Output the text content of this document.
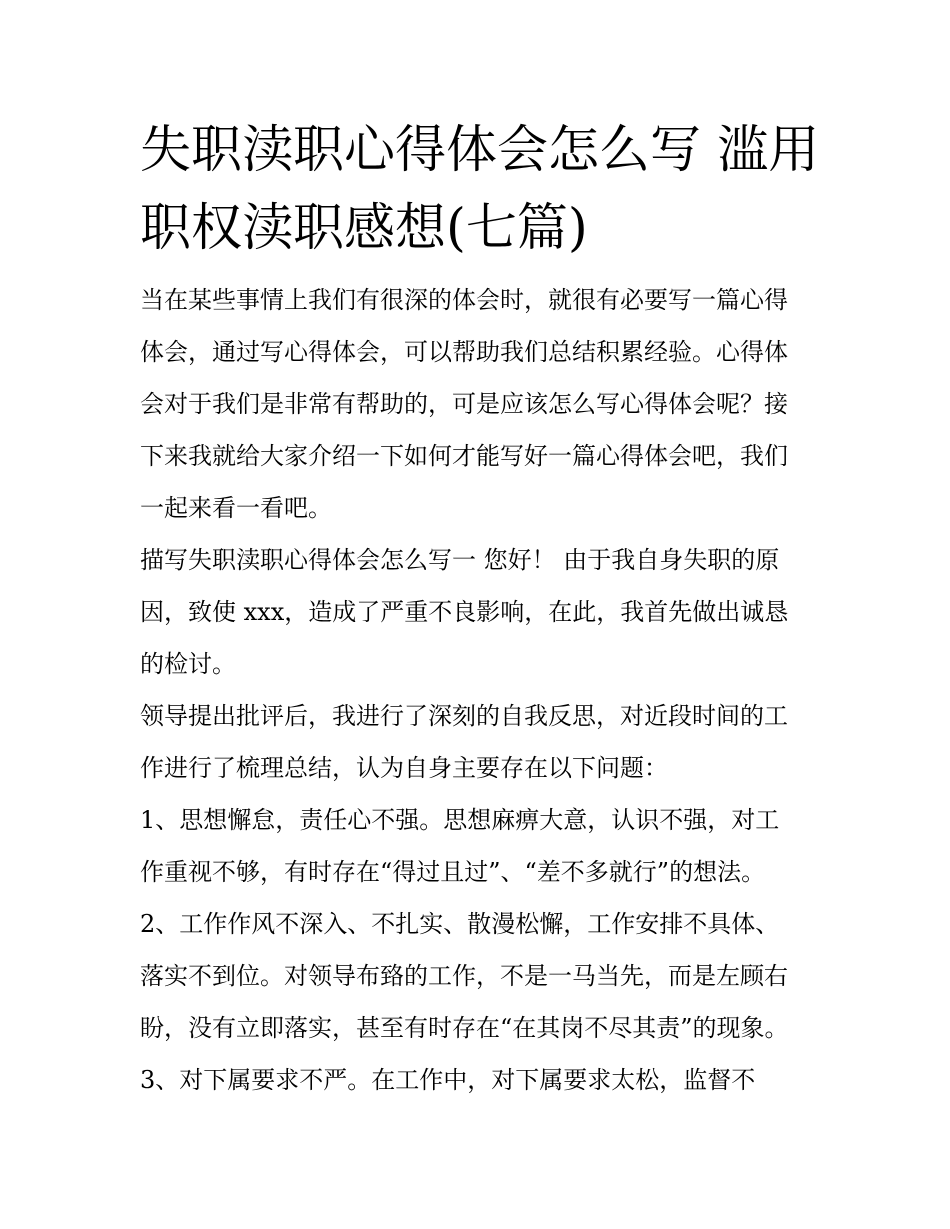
失职渎职心得体会怎么写 滥用
职权渎职感想(七篇)

当在某些事情上我们有很深的体会时，就很有必要写一篇心得
体会，通过写心得体会，可以帮助我们总结积累经验。心得体
会对于我们是非常有帮助的，可是应该怎么写心得体会呢？接
下来我就给大家介绍一下如何才能写好一篇心得体会吧，我们
一起来看一看吧。

描写失职渎职心得体会怎么写一 您好！ 由于我自身失职的原
因，致使 xxx，造成了严重不良影响，在此，我首先做出诚恳
的检讨。

领导提出批评后，我进行了深刻的自我反思，对近段时间的工
作进行了梳理总结，认为自身主要存在以下问题：

1、思想懈怠，责任心不强。思想麻痹大意，认识不强，对工
作重视不够，有时存在“得过且过”、“差不多就行”的想法。

2、工作作风不深入、不扎实、散漫松懈，工作安排不具体、
落实不到位。对领导布臵的工作，不是一马当先，而是左顾右
盼，没有立即落实，甚至有时存在“在其岗不尽其责”的现象。

3、对下属要求不严。在工作中，对下属要求太松，监督不
